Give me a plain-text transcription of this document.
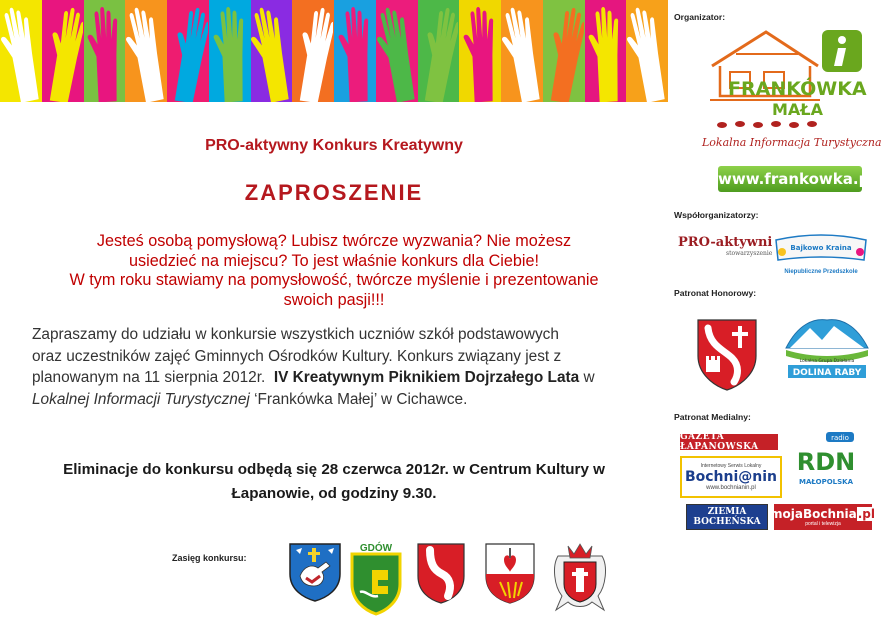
PRO-aktywny Konkurs Kreatywny
ZAPROSZENIE
Jesteś osobą pomysłową? Lubisz twórcze wyzwania? Nie możesz
usiedzieć na miejscu? To jest właśnie konkurs dla Ciebie!
W tym roku stawiamy na pomysłowość, twórcze myślenie i prezentowanie
swoich pasji!!!
Zapraszamy do udziału w konkursie wszystkich uczniów szkół podstawowych
oraz uczestników zajęć Gminnych Ośrodków Kultury. Konkurs związany jest z
planowanym na 11 sierpnia 2012r.  IV Kreatywnym Piknikiem Dojrzałego Lata w
Lokalnej Informacji Turystycznej ‘Frankówka Małej’ w Cichawce.
Eliminacje do konkursu odbędą się 28 czerwca 2012r. w Centrum Kultury w
Łapanowie, od godziny 9.30.
Zasięg konkursu:
GDÓW
Organizator:
FRANKÓWKA
MAŁA
Lokalna Informacja Turystyczna
www.frankowka.pl
Współorganizatorzy:
PRO-aktywni
stowarzyszenie
Bajkowo Kraina
Niepubliczne Przedszkole
Patronat Honorowy:
Lokalna Grupa Działania
DOLINA RABY
Patronat Medialny:
GAZETA ŁAPANOWSKA
Internetowy Serwis Lokalny
Bochni@nin
www.bochnianin.pl
radio
RDN
MAŁOPOLSKA
ZIEMIA BOCHEŃSKA
mojaBochnia.pl
portal i telewizja
